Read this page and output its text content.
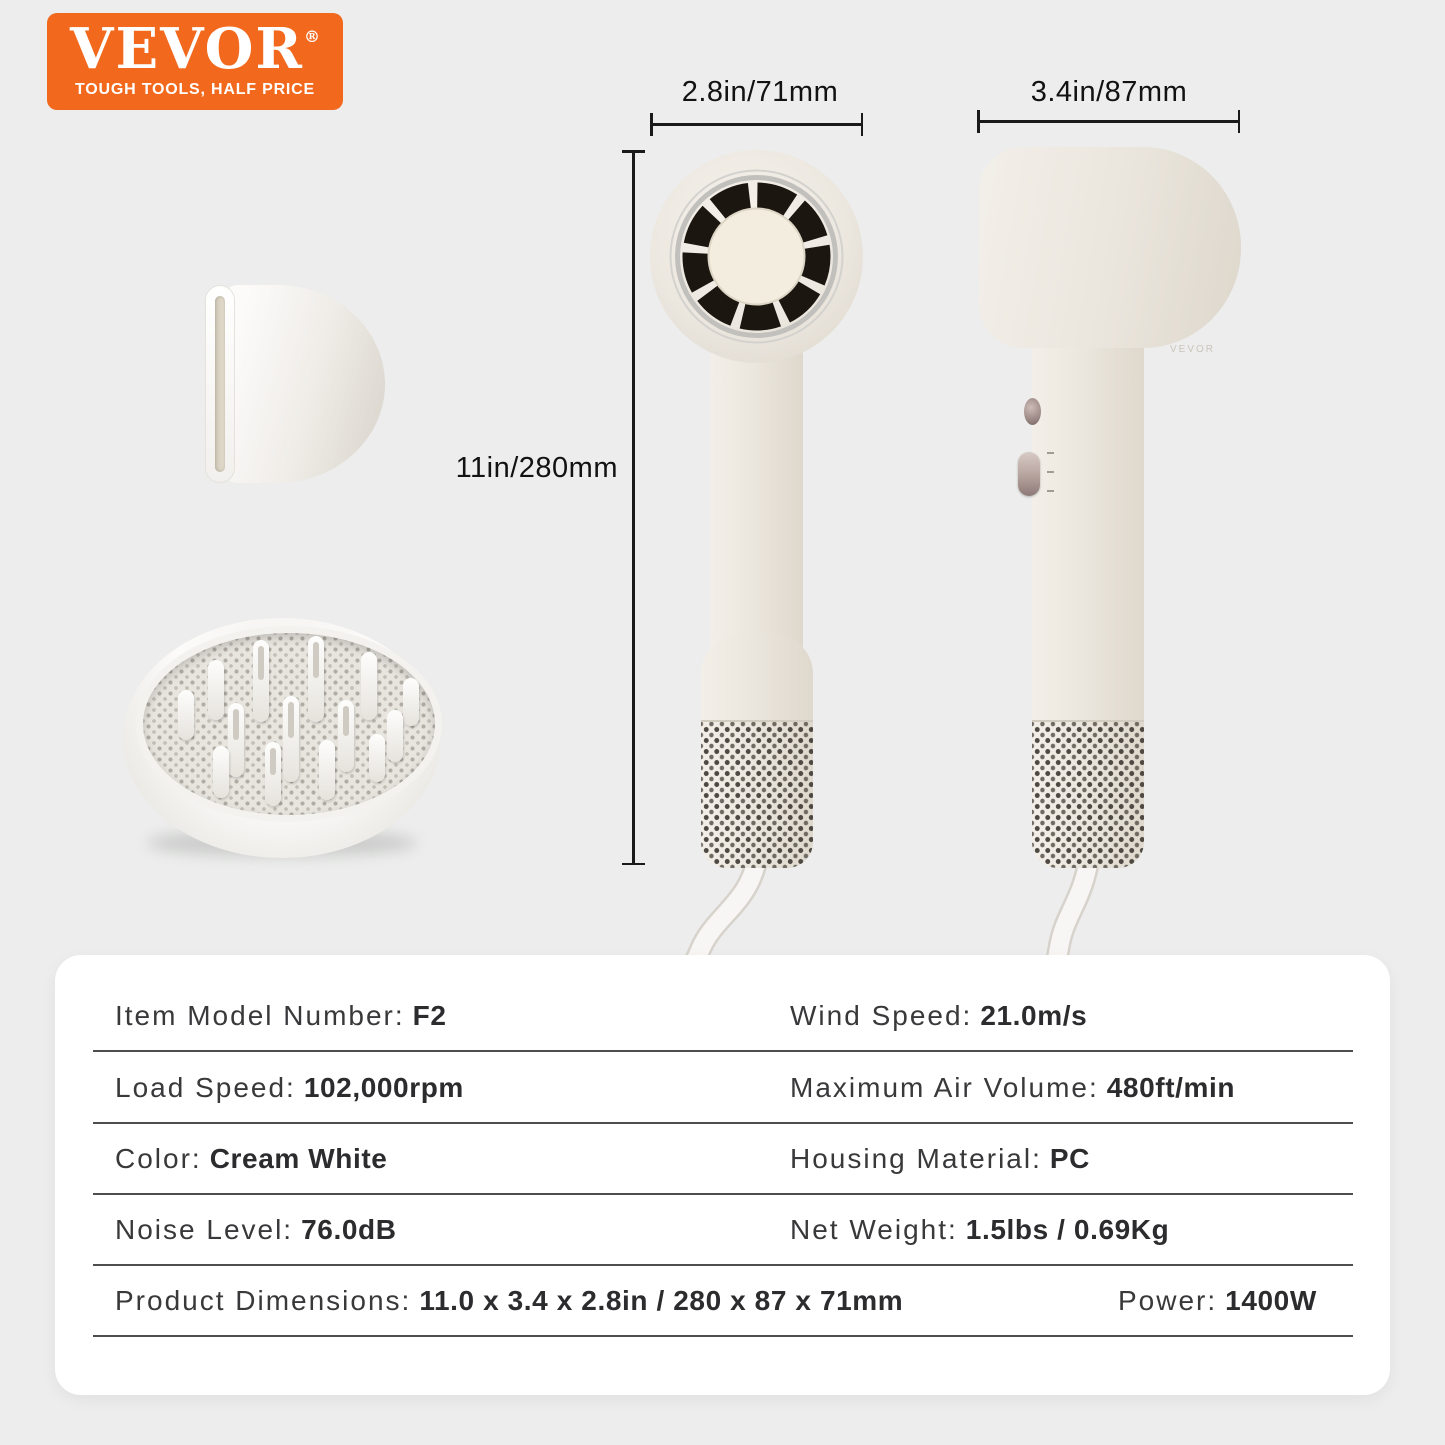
VEVOR®
TOUGH TOOLS, HALF PRICE	2.8in/71mm	3.4in/87mm
11in/280mm
VEVOR
Item Model Number: F2	Wind Speed: 21.0m/s
Load Speed: 102,000rpm	Maximum Air Volume: 480ft/min
Color: Cream White	Housing Material: PC
Noise Level: 76.0dB	Net Weight: 1.5lbs / 0.69Kg
Product Dimensions: 11.0 x 3.4 x 2.8in / 280 x 87 x 71mm	Power: 1400W
